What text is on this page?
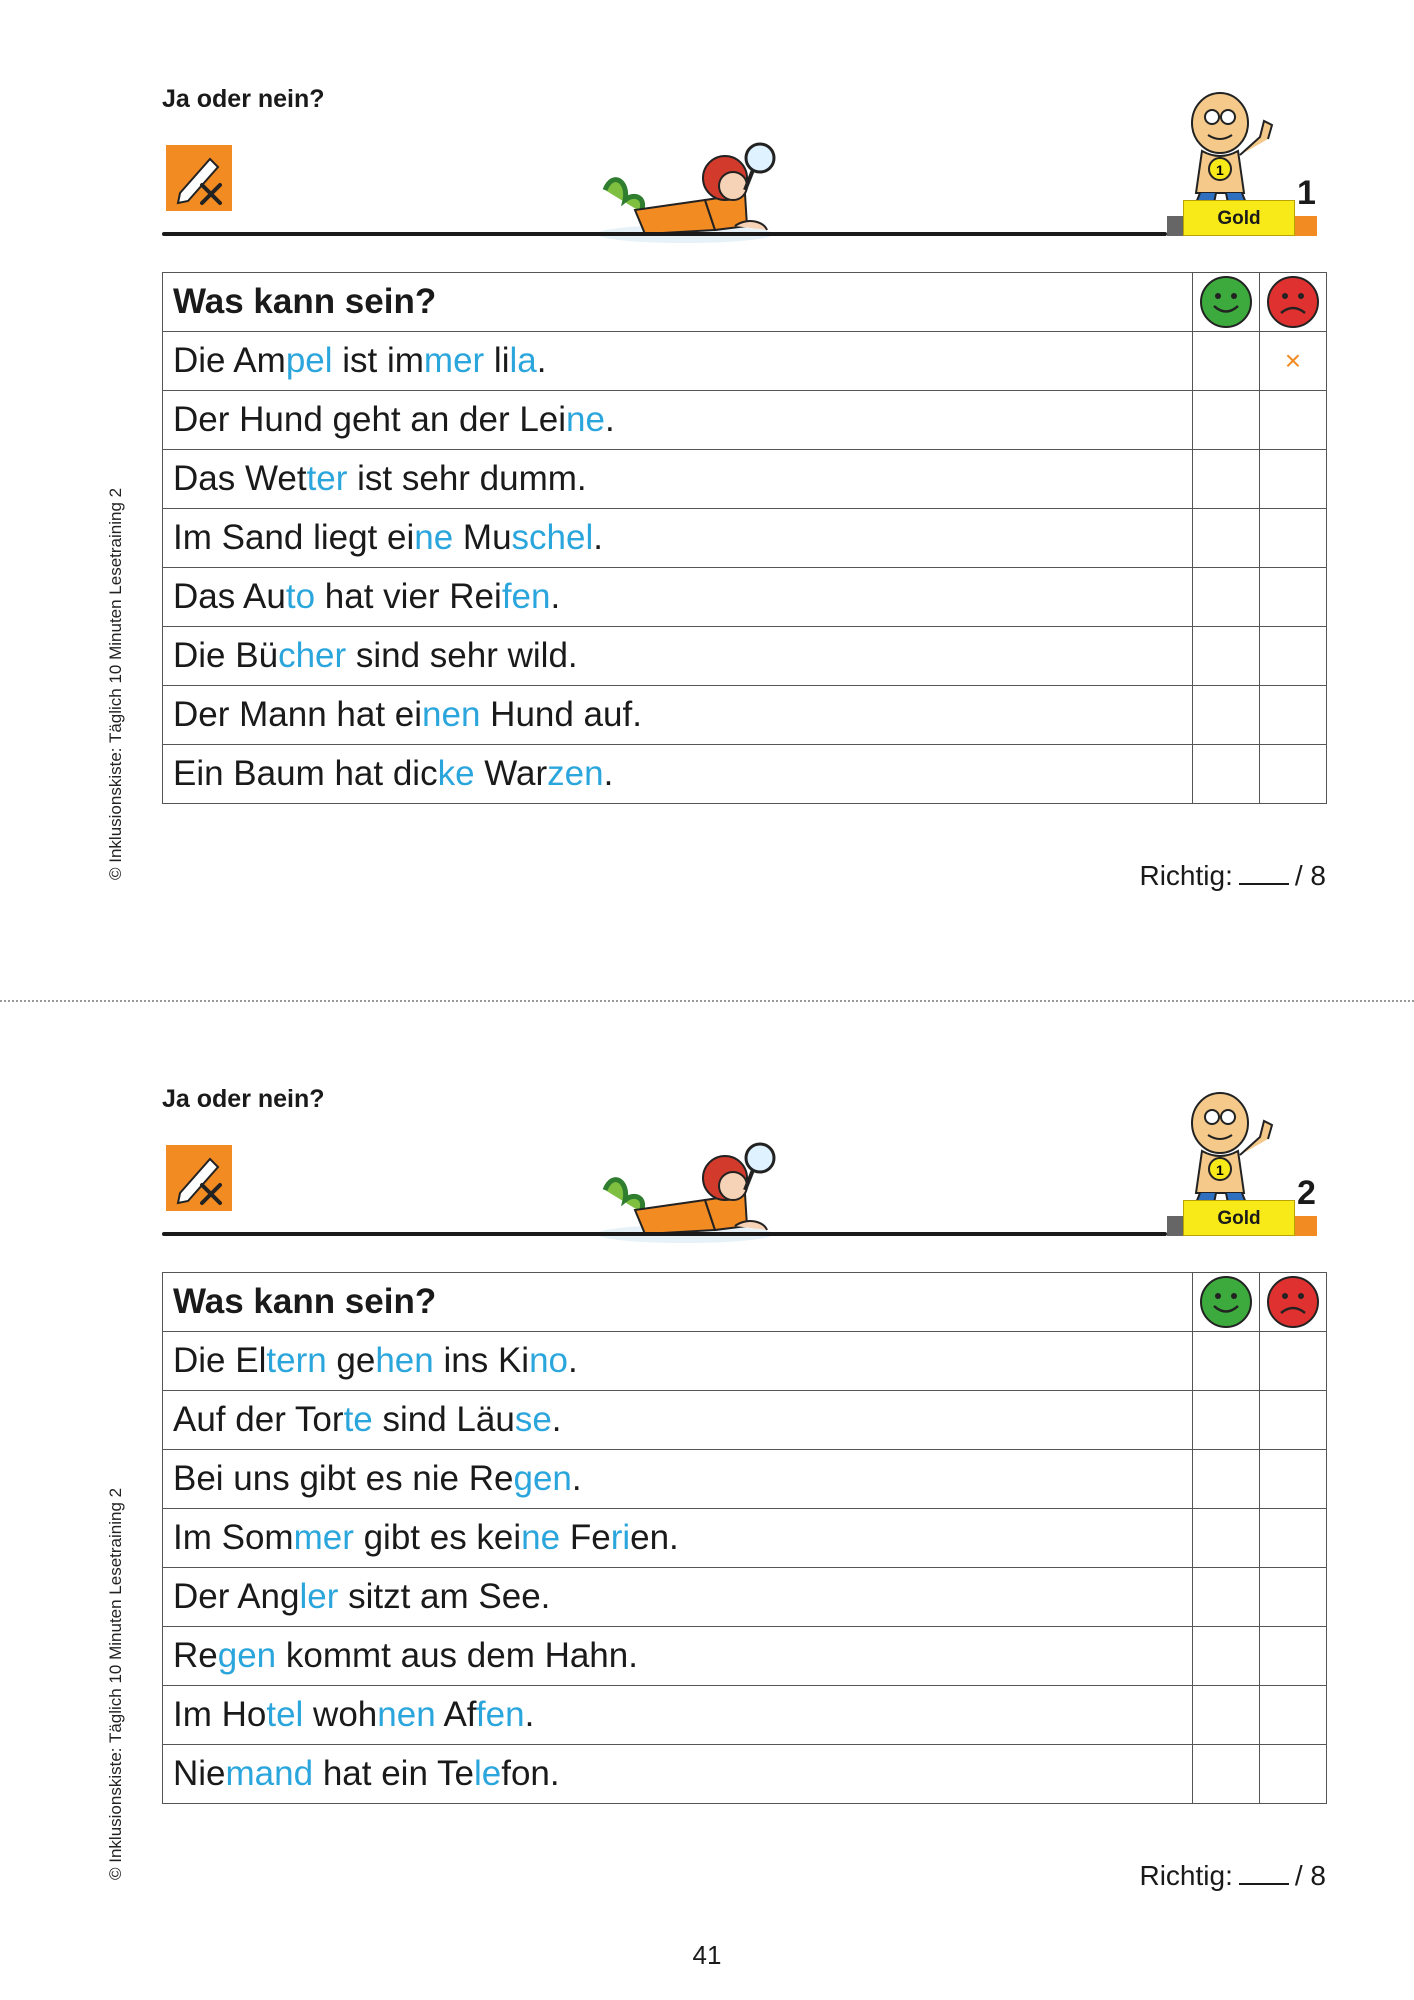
Ja oder nein?
1
Gold
1
Was kann sein?		
Die Ampel ist immer lila.		×
Der Hund geht an der Leine.		
Das Wetter ist sehr dumm.		
Im Sand liegt eine Muschel.		
Das Auto hat vier Reifen.		
Die Bücher sind sehr wild.		
Der Mann hat einen Hund auf.		
Ein Baum hat dicke Warzen.		
Richtig: / 8
© Inklusionskiste: Täglich 10 Minuten Lesetraining 2
Ja oder nein?
1
Gold
2
Was kann sein?		
Die Eltern gehen ins Kino.		
Auf der Torte sind Läuse.		
Bei uns gibt es nie Regen.		
Im Sommer gibt es keine Ferien.		
Der Angler sitzt am See.		
Regen kommt aus dem Hahn.		
Im Hotel wohnen Affen.		
Niemand hat ein Telefon.		
Richtig: / 8
© Inklusionskiste: Täglich 10 Minuten Lesetraining 2
41
